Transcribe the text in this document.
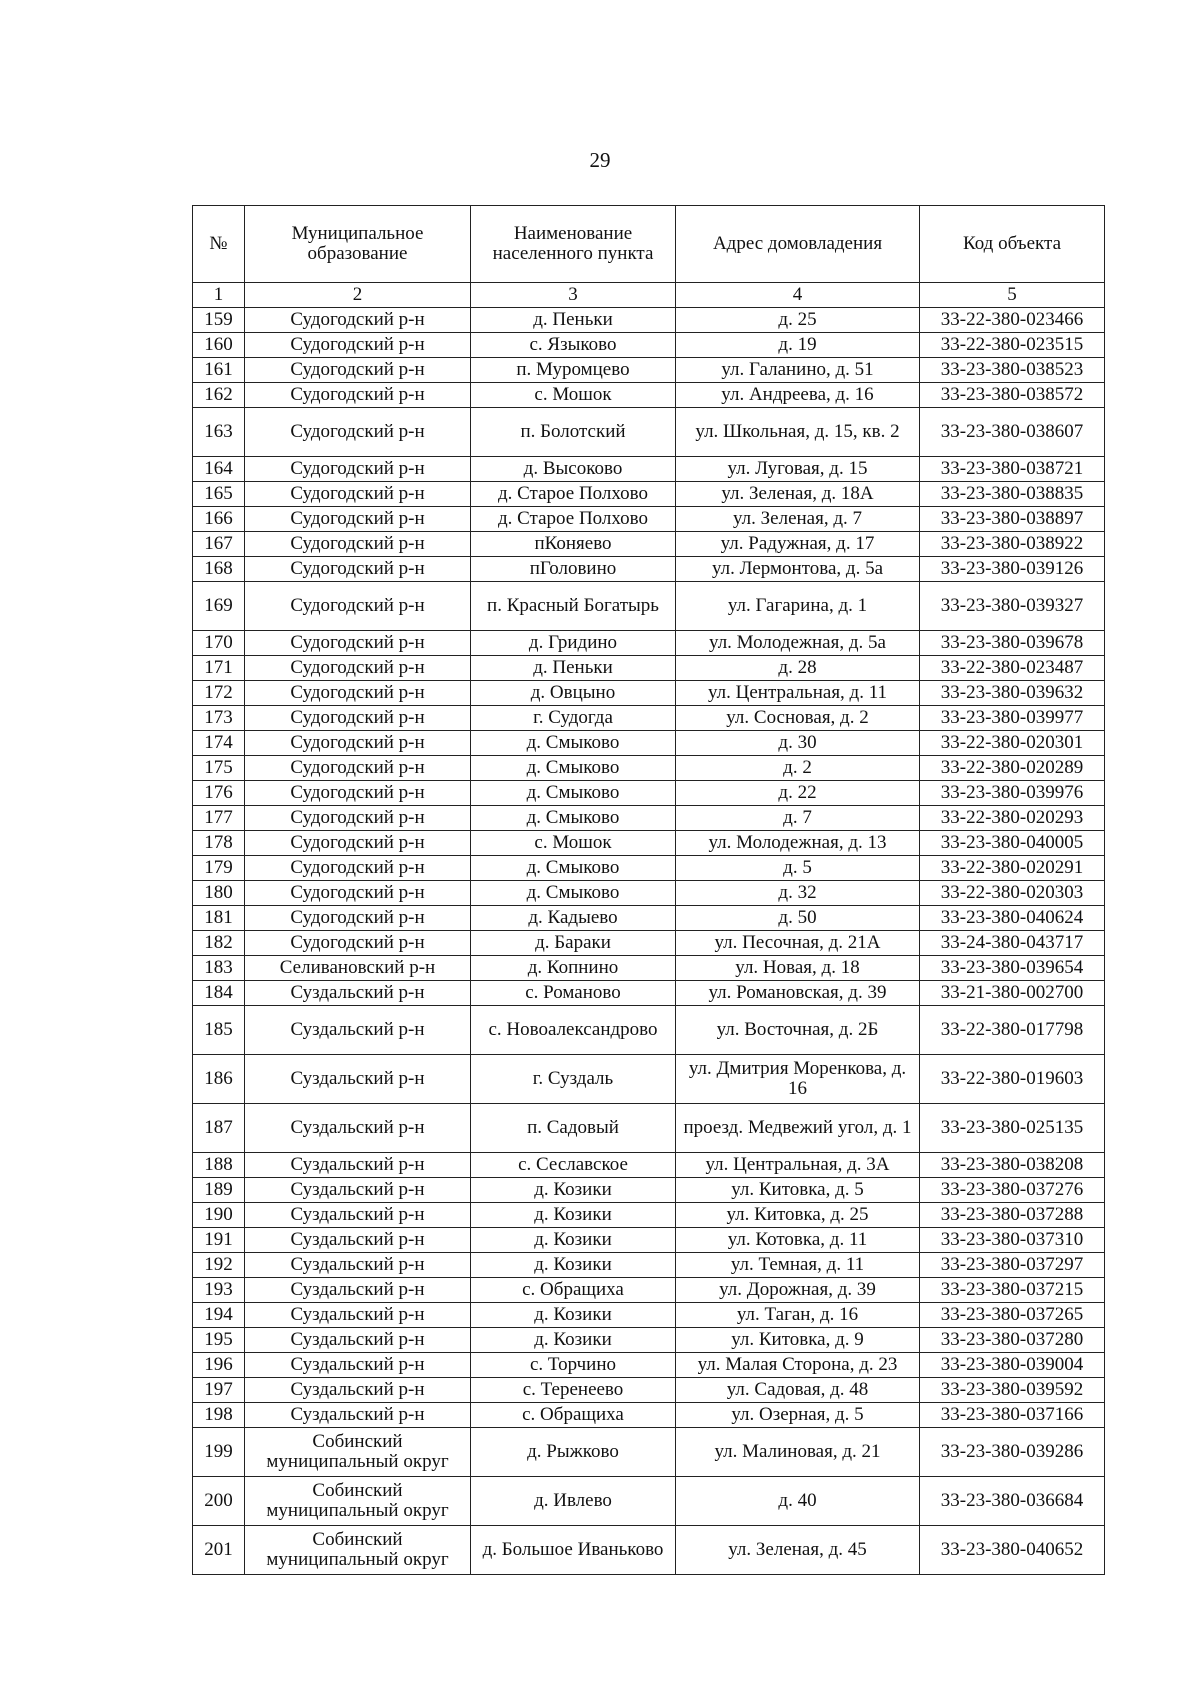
29
№	Муниципальное образование	Наименование населенного пункта	Адрес домовладения	Код объекта
1	2	3	4	5
159	Судогодский р-н	д. Пеньки	д. 25	33-22-380-023466
160	Судогодский р-н	с. Языково	д. 19	33-22-380-023515
161	Судогодский р-н	п. Муромцево	ул. Галанино, д. 51	33-23-380-038523
162	Судогодский р-н	с. Мошок	ул. Андреева, д. 16	33-23-380-038572
163	Судогодский р-н	п. Болотский	ул. Школьная, д. 15, кв. 2	33-23-380-038607
164	Судогодский р-н	д. Высоково	ул. Луговая, д. 15	33-23-380-038721
165	Судогодский р-н	д. Старое Полхово	ул. Зеленая, д. 18А	33-23-380-038835
166	Судогодский р-н	д. Старое Полхово	ул. Зеленая, д. 7	33-23-380-038897
167	Судогодский р-н	пКоняево	ул. Радужная, д. 17	33-23-380-038922
168	Судогодский р-н	пГоловино	ул. Лермонтова, д. 5а	33-23-380-039126
169	Судогодский р-н	п. Красный Богатырь	ул. Гагарина, д. 1	33-23-380-039327
170	Судогодский р-н	д. Гридино	ул. Молодежная, д. 5а	33-23-380-039678
171	Судогодский р-н	д. Пеньки	д. 28	33-22-380-023487
172	Судогодский р-н	д. Овцыно	ул. Центральная, д. 11	33-23-380-039632
173	Судогодский р-н	г. Судогда	ул. Сосновая, д. 2	33-23-380-039977
174	Судогодский р-н	д. Смыково	д. 30	33-22-380-020301
175	Судогодский р-н	д. Смыково	д. 2	33-22-380-020289
176	Судогодский р-н	д. Смыково	д. 22	33-23-380-039976
177	Судогодский р-н	д. Смыково	д. 7	33-22-380-020293
178	Судогодский р-н	с. Мошок	ул. Молодежная, д. 13	33-23-380-040005
179	Судогодский р-н	д. Смыково	д. 5	33-22-380-020291
180	Судогодский р-н	д. Смыково	д. 32	33-22-380-020303
181	Судогодский р-н	д. Кадыево	д. 50	33-23-380-040624
182	Судогодский р-н	д. Бараки	ул. Песочная, д. 21А	33-24-380-043717
183	Селивановский р-н	д. Копнино	ул. Новая, д. 18	33-23-380-039654
184	Суздальский р-н	с. Романово	ул. Романовская, д. 39	33-21-380-002700
185	Суздальский р-н	с. Новоалександрово	ул. Восточная, д. 2Б	33-22-380-017798
186	Суздальский р-н	г. Суздаль	ул. Дмитрия Моренкова, д. 16	33-22-380-019603
187	Суздальский р-н	п. Садовый	проезд. Медвежий угол, д. 1	33-23-380-025135
188	Суздальский р-н	с. Сеславское	ул. Центральная, д. 3А	33-23-380-038208
189	Суздальский р-н	д. Козики	ул. Китовка, д. 5	33-23-380-037276
190	Суздальский р-н	д. Козики	ул. Китовка, д. 25	33-23-380-037288
191	Суздальский р-н	д. Козики	ул. Котовка, д. 11	33-23-380-037310
192	Суздальский р-н	д. Козики	ул. Темная, д. 11	33-23-380-037297
193	Суздальский р-н	с. Обращиха	ул. Дорожная, д. 39	33-23-380-037215
194	Суздальский р-н	д. Козики	ул. Таган, д. 16	33-23-380-037265
195	Суздальский р-н	д. Козики	ул. Китовка, д. 9	33-23-380-037280
196	Суздальский р-н	с. Торчино	ул. Малая Сторона, д. 23	33-23-380-039004
197	Суздальский р-н	с. Теренеево	ул. Садовая, д. 48	33-23-380-039592
198	Суздальский р-н	с. Обращиха	ул. Озерная, д. 5	33-23-380-037166
199	Собинский муниципальный округ	д. Рыжково	ул. Малиновая, д. 21	33-23-380-039286
200	Собинский муниципальный округ	д. Ивлево	д. 40	33-23-380-036684
201	Собинский муниципальный округ	д. Большое Иваньково	ул. Зеленая, д. 45	33-23-380-040652
